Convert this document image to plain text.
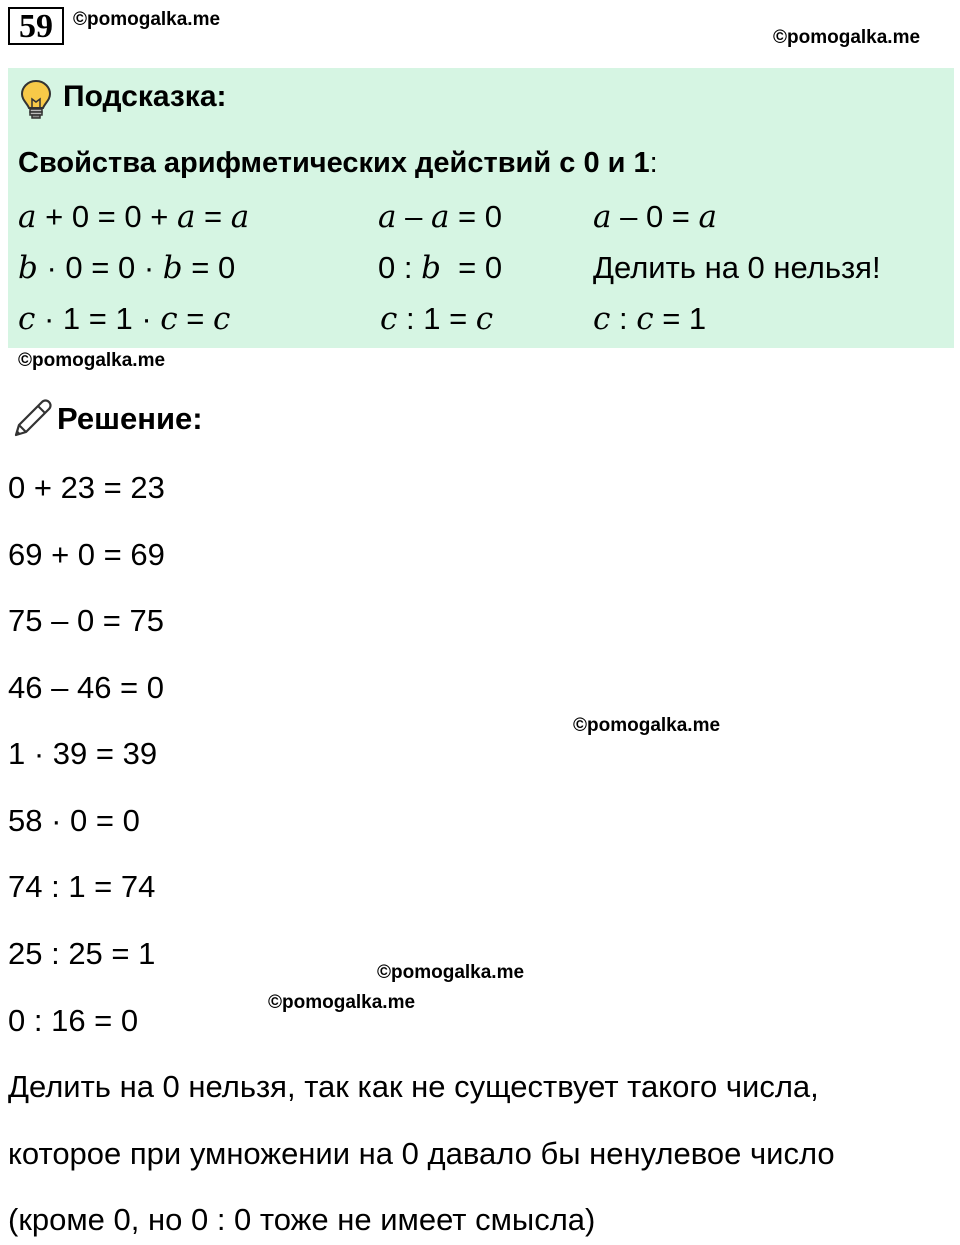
59	©pomogalka.me
©pomogalka.me
Подсказка:
Свойства арифметических действий с 0 и 1:
a + 0 = 0 + a = a	a – a = 0	a – 0 = a
b · 0 = 0 · b = 0	0 : b  = 0	Делить на 0 нельзя!
c · 1 = 1 · c = c	c : 1 = c	c : c = 1
©pomogalka.me
Решение:
0 + 23 = 23
69 + 0 = 69
75 – 0 = 75
46 – 46 = 0
1 · 39 = 39
58 · 0 = 0
74 : 1 = 74
25 : 25 = 1
0 : 16 = 0
Делить на 0 нельзя, так как не существует такого числа,
которое при умножении на 0 давало бы ненулевое число
(кроме 0, но 0 : 0 тоже не имеет смысла)
©pomogalka.me
©pomogalka.me
©pomogalka.me
